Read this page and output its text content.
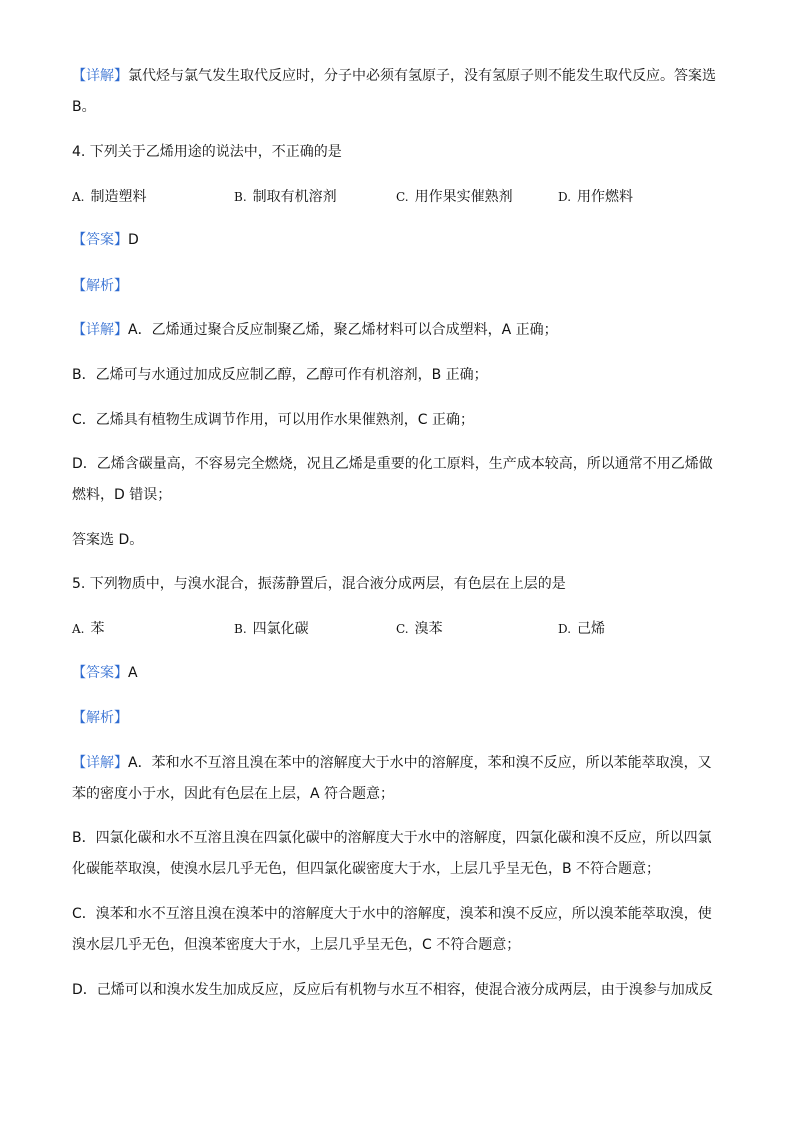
【详解】氯代烃与氯气发生取代反应时，分子中必须有氢原子，没有氢原子则不能发生取代反应。答案选
B。
4. 下列关于乙烯用途的说法中，不正确的是
A. 制造塑料	B. 制取有机溶剂	C. 用作果实催熟剂	D. 用作燃料
【答案】D
【解析】
【详解】A．乙烯通过聚合反应制聚乙烯，聚乙烯材料可以合成塑料，A 正确；
B．乙烯可与水通过加成反应制乙醇，乙醇可作有机溶剂，B 正确；
C．乙烯具有植物生成调节作用，可以用作水果催熟剂，C 正确；
D．乙烯含碳量高，不容易完全燃烧，况且乙烯是重要的化工原料，生产成本较高，所以通常不用乙烯做
燃料，D 错误；
答案选 D。
5. 下列物质中，与溴水混合，振荡静置后，混合液分成两层，有色层在上层的是
A. 苯	B. 四氯化碳	C. 溴苯	D. 己烯
【答案】A
【解析】
【详解】A．苯和水不互溶且溴在苯中的溶解度大于水中的溶解度，苯和溴不反应，所以苯能萃取溴，又
苯的密度小于水，因此有色层在上层，A 符合题意；
B．四氯化碳和水不互溶且溴在四氯化碳中的溶解度大于水中的溶解度，四氯化碳和溴不反应，所以四氯
化碳能萃取溴，使溴水层几乎无色，但四氯化碳密度大于水，上层几乎呈无色，B 不符合题意；
C．溴苯和水不互溶且溴在溴苯中的溶解度大于水中的溶解度，溴苯和溴不反应，所以溴苯能萃取溴，使
溴水层几乎无色，但溴苯密度大于水，上层几乎呈无色，C 不符合题意；
D．己烯可以和溴水发生加成反应，反应后有机物与水互不相容，使混合液分成两层，由于溴参与加成反
